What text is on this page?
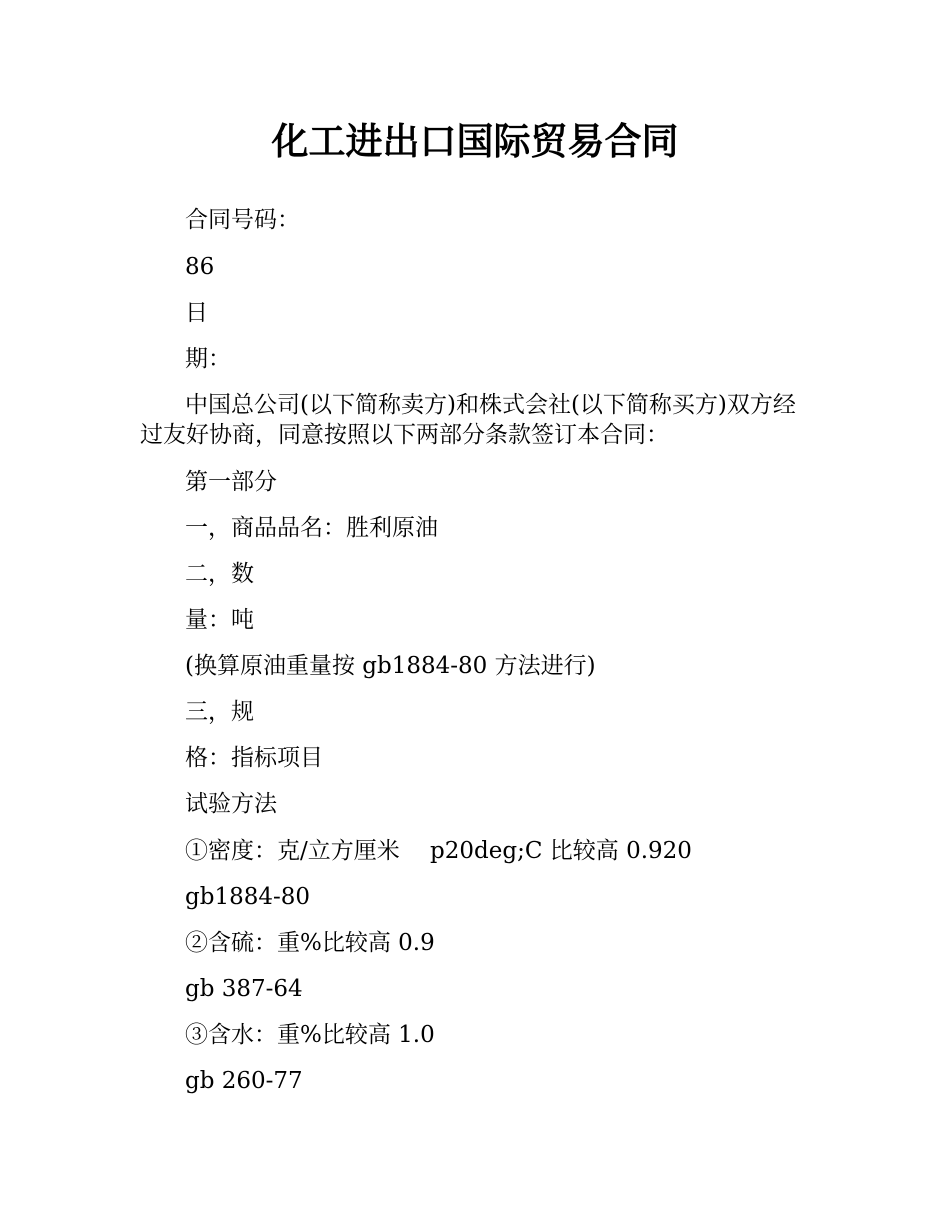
化工进出口国际贸易合同
合同号码：
86
日
期：

中国总公司(以下简称卖方)和株式会社(以下简称买方)双方经过友好协商，同意按照以下两部分条款签订本合同：

第一部分
一，商品品名：胜利原油
二，数
量：吨
(换算原油重量按 gb1884-80 方法进行)
三，规
格：指标项目
试验方法
①密度：克/立方厘米　 p20deg;C 比较高 0.920
gb1884-80
②含硫：重%比较高 0.9
gb 387-64
③含水：重%比较高 1.0
gb 260-77
